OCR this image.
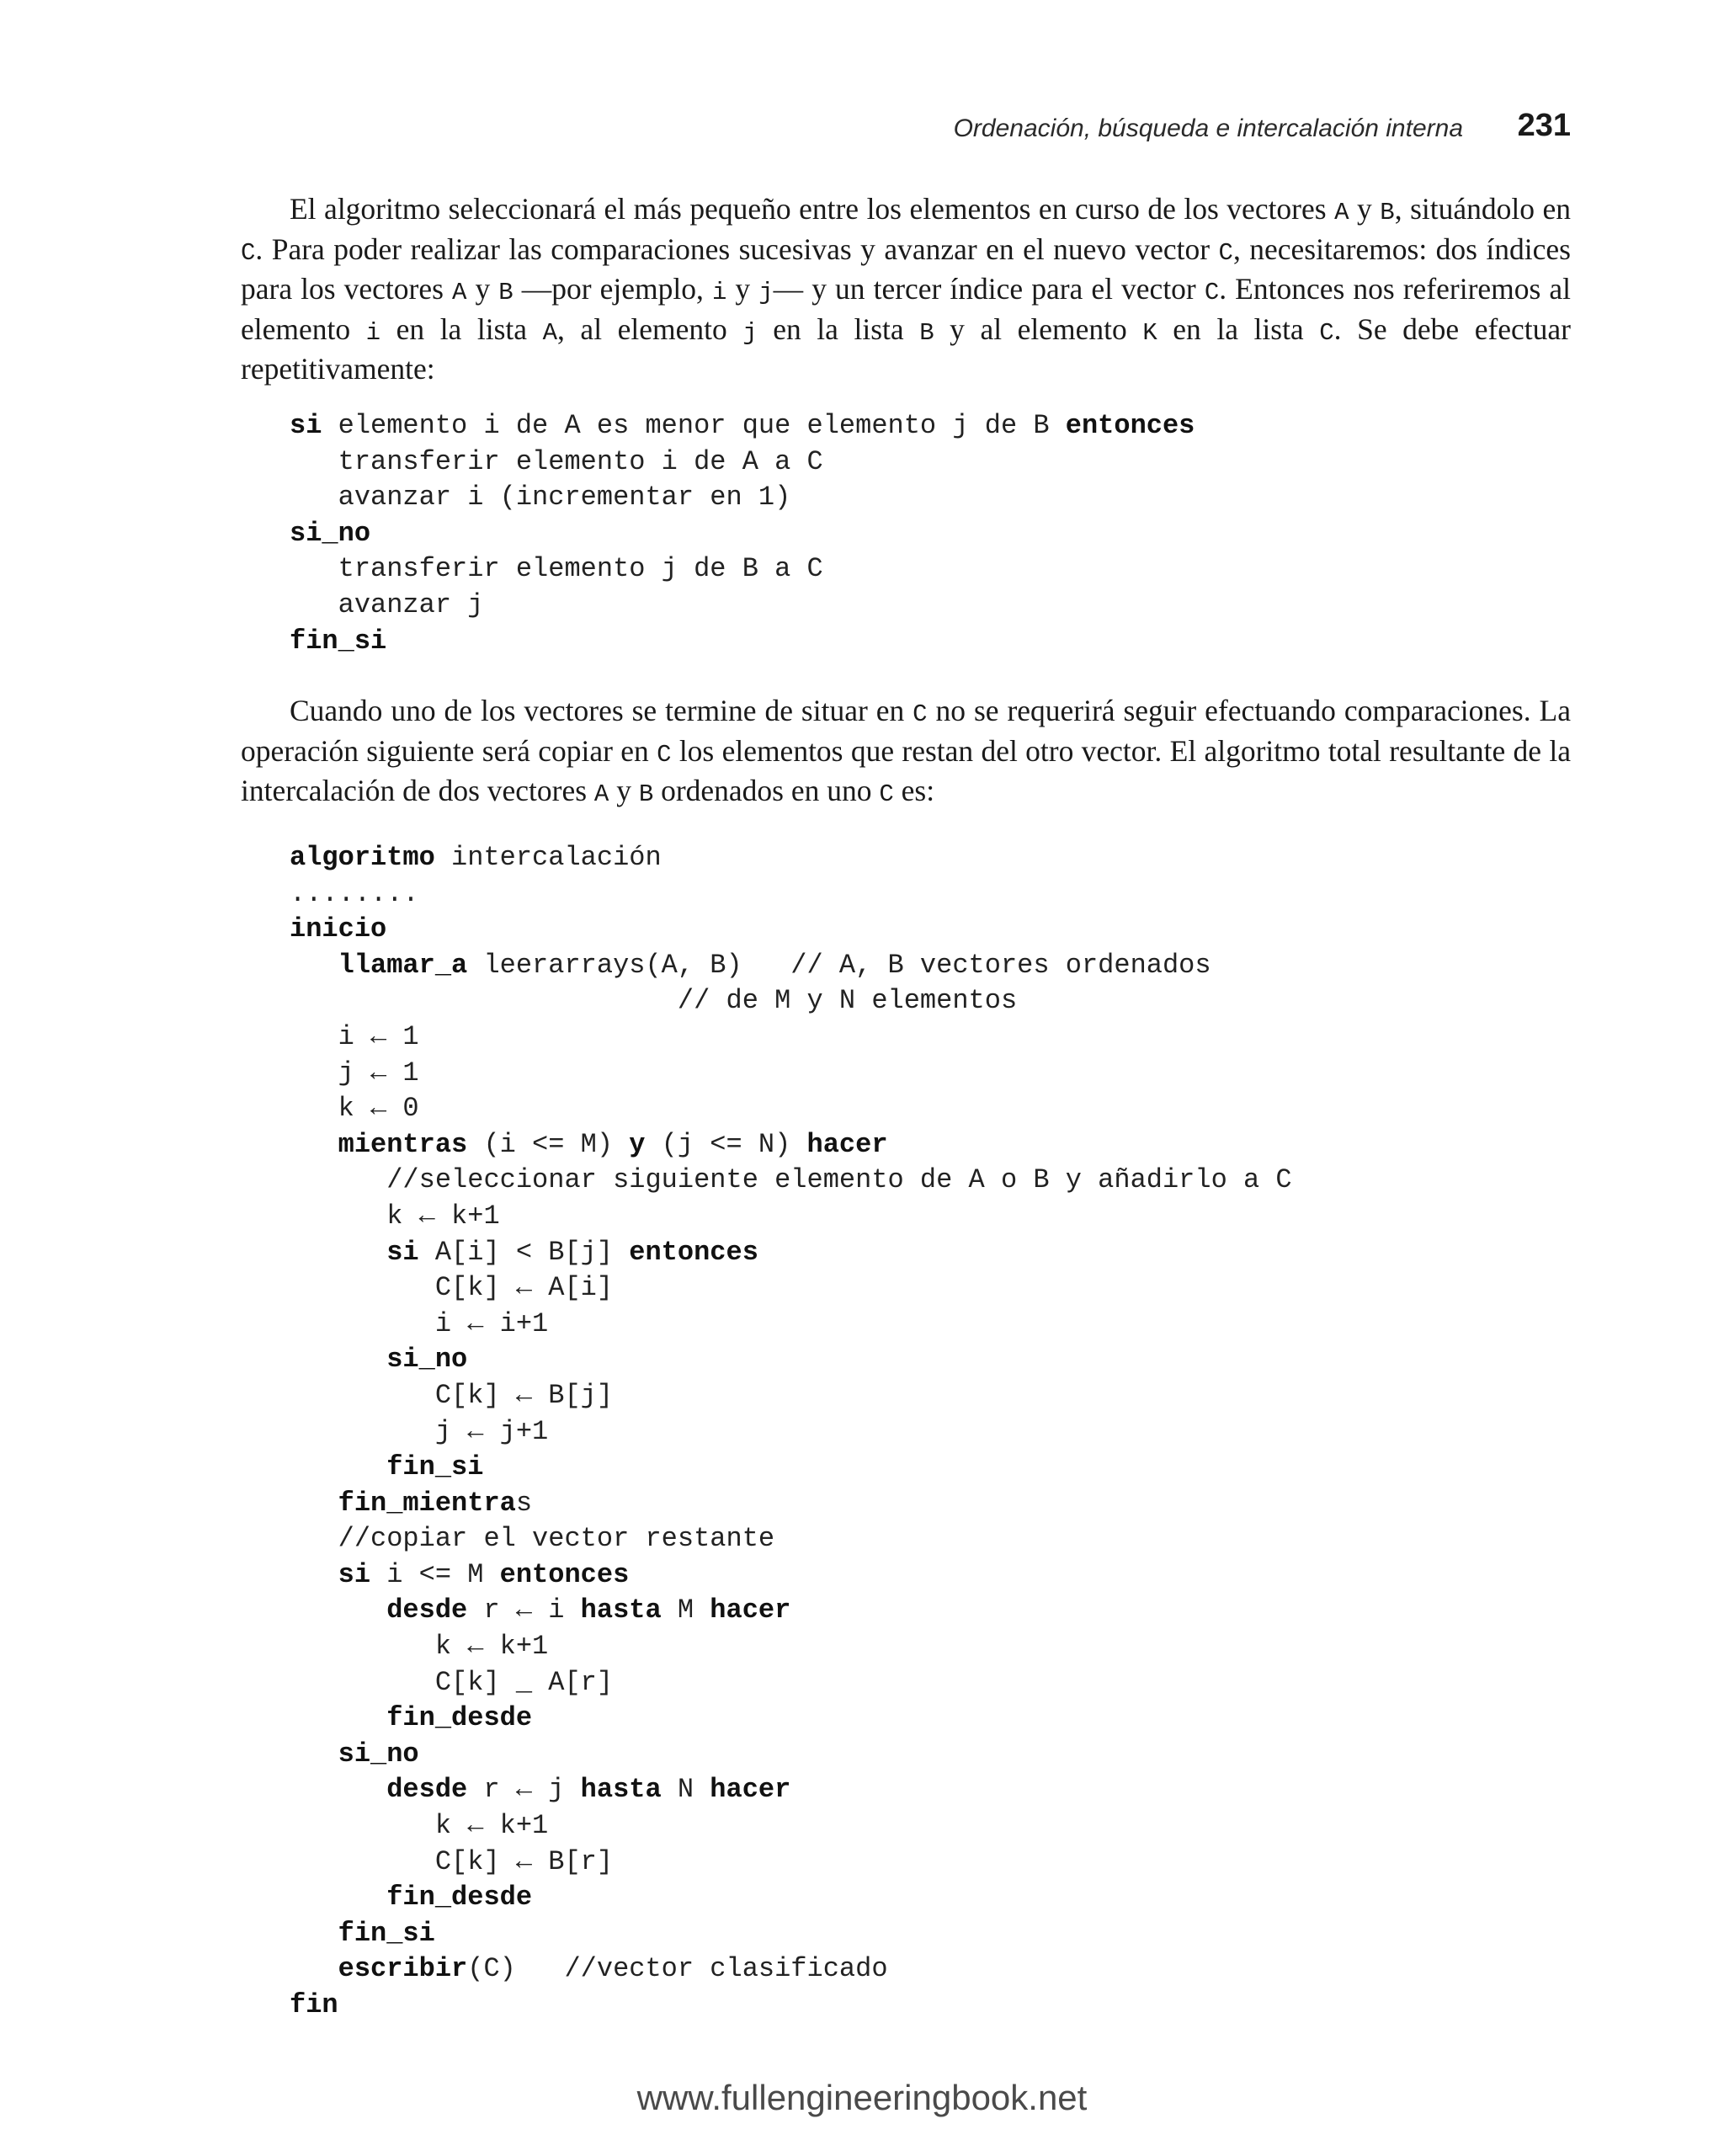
Ordenación, búsqueda e intercalación interna 231

El algoritmo seleccionará el más pequeño entre los elementos en curso de los vectores A y B, situándolo en C. Para poder realizar las comparaciones sucesivas y avanzar en el nuevo vector C, necesitaremos: dos índices para los vectores A y B —por ejemplo, i y j— y un tercer índice para el vector C. Entonces nos referiremos al elemento i en la lista A, al elemento j en la lista B y al elemento K en la lista C. Se debe efectuar repetitivamente:

si elemento i de A es menor que elemento j de B entonces
transferir elemento i de A a C
avanzar i (incrementar en 1)
si_no
transferir elemento j de B a C
avanzar j
fin_si

Cuando uno de los vectores se termine de situar en C no se requerirá seguir efectuando comparaciones. La operación siguiente será copiar en C los elementos que restan del otro vector. El algoritmo total resultante de la intercalación de dos vectores A y B ordenados en uno C es:

algoritmo intercalación
........
inicio
llamar_a leerarrays(A, B)   // A, B vectores ordenados
// de M y N elementos
i ← 1
j ← 1
k ← 0
mientras (i <= M) y (j <= N) hacer
//seleccionar siguiente elemento de A o B y añadirlo a C
k ← k+1
si A[i] < B[j] entonces
C[k] ← A[i]
i ← i+1
si_no
C[k] ← B[j]
j ← j+1
fin_si
fin_mientras
//copiar el vector restante
si i <= M entonces
desde r ← i hasta M hacer
k ← k+1
C[k] _ A[r]
fin_desde
si_no
desde r ← j hasta N hacer
k ← k+1
C[k] ← B[r]
fin_desde
fin_si
escribir(C)   //vector clasificado
fin
www.fullengineeringbook.net
